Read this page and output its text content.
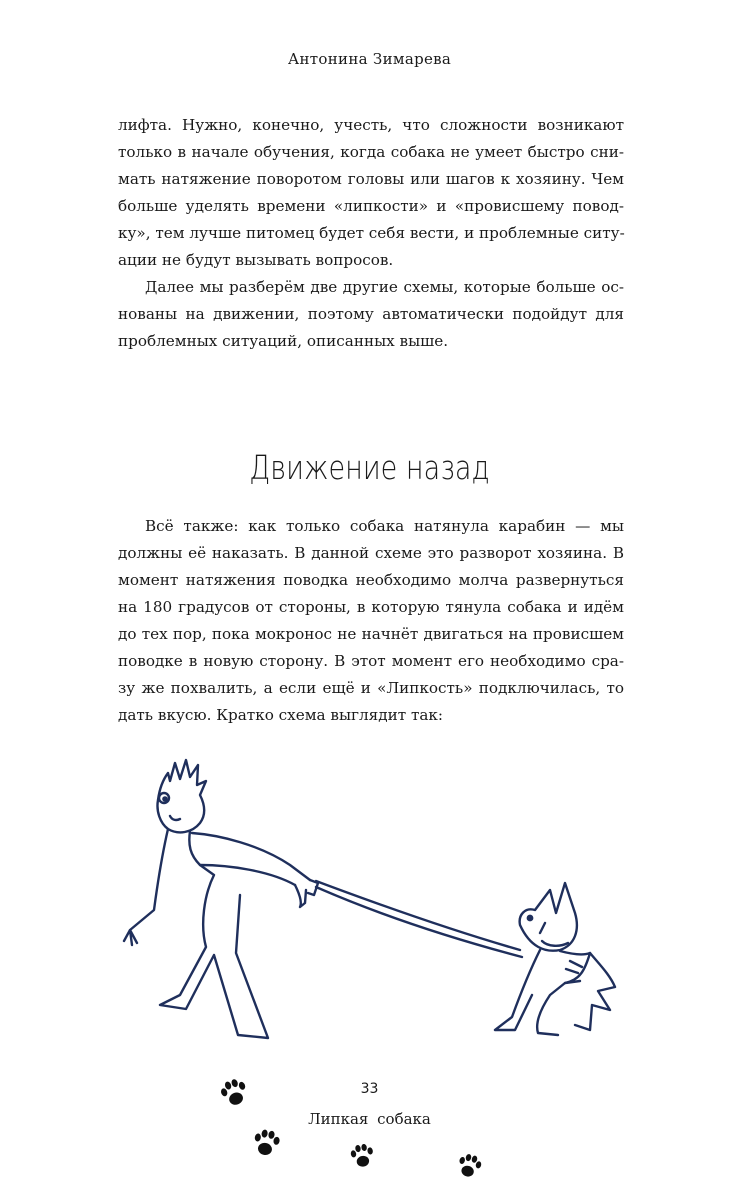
Антонина Зимарева
лифта. Нужно, конечно, учесть, что сложности возникают
только в начале обучения, когда собака не умеет быстро сни-
мать натяжение поворотом головы или шагов к хозяину. Чем
больше уделять времени «липкости» и «провисшему повод-
ку», тем лучше питомец будет себя вести, и проблемные ситу-
ации не будут вызывать вопросов.
Далее мы разберём две другие схемы, которые больше ос-
нованы на движении, поэтому автоматически подойдут для
проблемных ситуаций, описанных выше.
Движение назад
Всё также: как только собака натянула карабин — мы
должны её наказать. В данной схеме это разворот хозяина. В
момент натяжения поводка необходимо молча развернуться
на 180 градусов от стороны, в которую тянула собака и идём
до тех пор, пока мокронос не начнёт двигаться на провисшем
поводке в новую сторону. В этот момент его необходимо сра-
зу же похвалить, а если ещё и «Липкость» подключилась, то
дать вкусю. Кратко схема выглядит так:
33
Липкая собака
